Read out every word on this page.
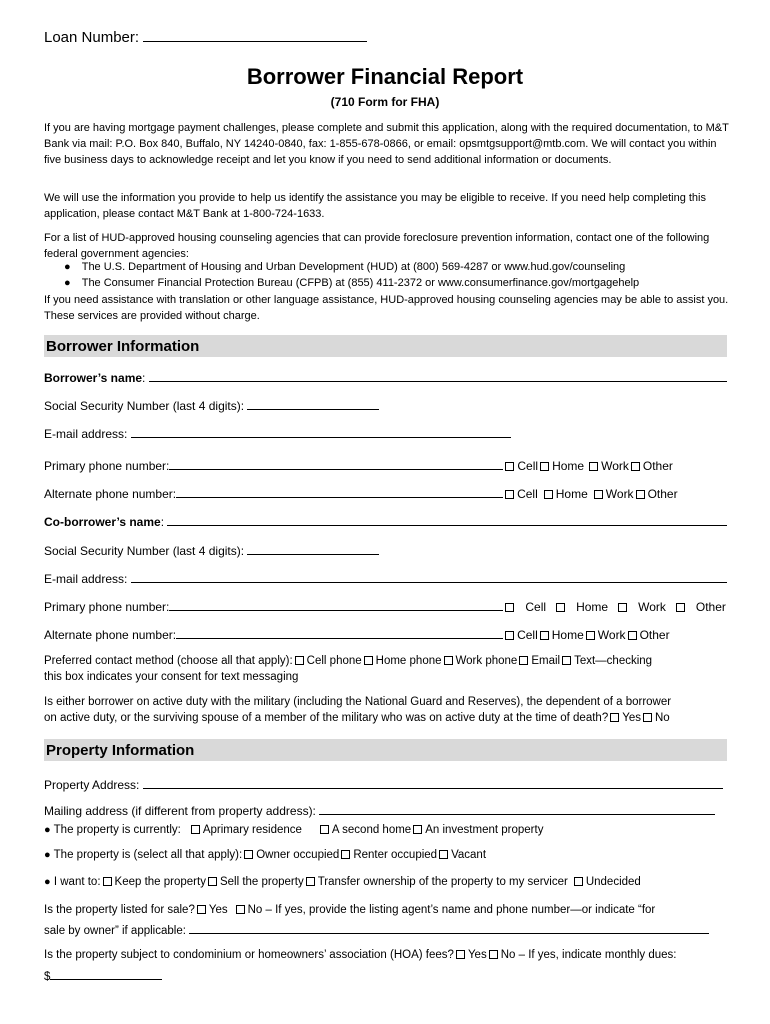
Loan Number:
Borrower Financial Report
(710 Form for FHA)

If you are having mortgage payment challenges, please complete and submit this application, along with the required documentation, to M&T Bank via mail: P.O. Box 840, Buffalo, NY 14240-0840, fax: 1-855-678-0866, or email: opsmtgsupport@mtb.com. We will contact you within five business days to acknowledge receipt and let you know if you need to send additional information or documents.

We will use the information you provide to help us identify the assistance you may be eligible to receive. If you need help completing this application, please contact M&T Bank at 1-800-724-1633.

For a list of HUD-approved housing counseling agencies that can provide foreclosure prevention information, contact one of the following federal government agencies:

● The U.S. Department of Housing and Urban Development (HUD) at (800) 569-4287 or www.hud.gov/counseling
● The Consumer Financial Protection Bureau (CFPB) at (855) 411-2372 or www.consumerfinance.gov/mortgagehelp

If you need assistance with translation or other language assistance, HUD-approved housing counseling agencies may be able to assist you. These services are provided without charge.

Borrower Information
Borrower’s name:
Social Security Number (last 4 digits):
E-mail address:
Primary phone number:	Cell Home Work Other
Alternate phone number:	Cell Home Work Other
Co-borrower’s name:
Social Security Number (last 4 digits):
E-mail address:
Primary phone number:	Cell	Home	Work	Other
Alternate phone number:	Cell Home Work Other
Preferred contact method (choose all that apply): Cell phone Home phone Work phone Email Text—checking
this box indicates your consent for text messaging
Is either borrower on active duty with the military (including the National Guard and Reserves), the dependent of a borrower
on active duty, or the surviving spouse of a member of the military who was on active duty at the time of death? Yes No
Property Information
Property Address:
Mailing address (if different from property address):
● The property is currently: Aprimary residence	A second home An investment property
● The property is (select all that apply): Owner occupied Renter occupied Vacant
● I want to: Keep the property Sell the property Transfer ownership of the property to my servicer Undecided
Is the property listed for sale? Yes No – If yes, provide the listing agent’s name and phone number—or indicate “for
sale by owner” if applicable:
Is the property subject to condominium or homeowners’ association (HOA) fees? Yes No – If yes, indicate monthly dues:
$
